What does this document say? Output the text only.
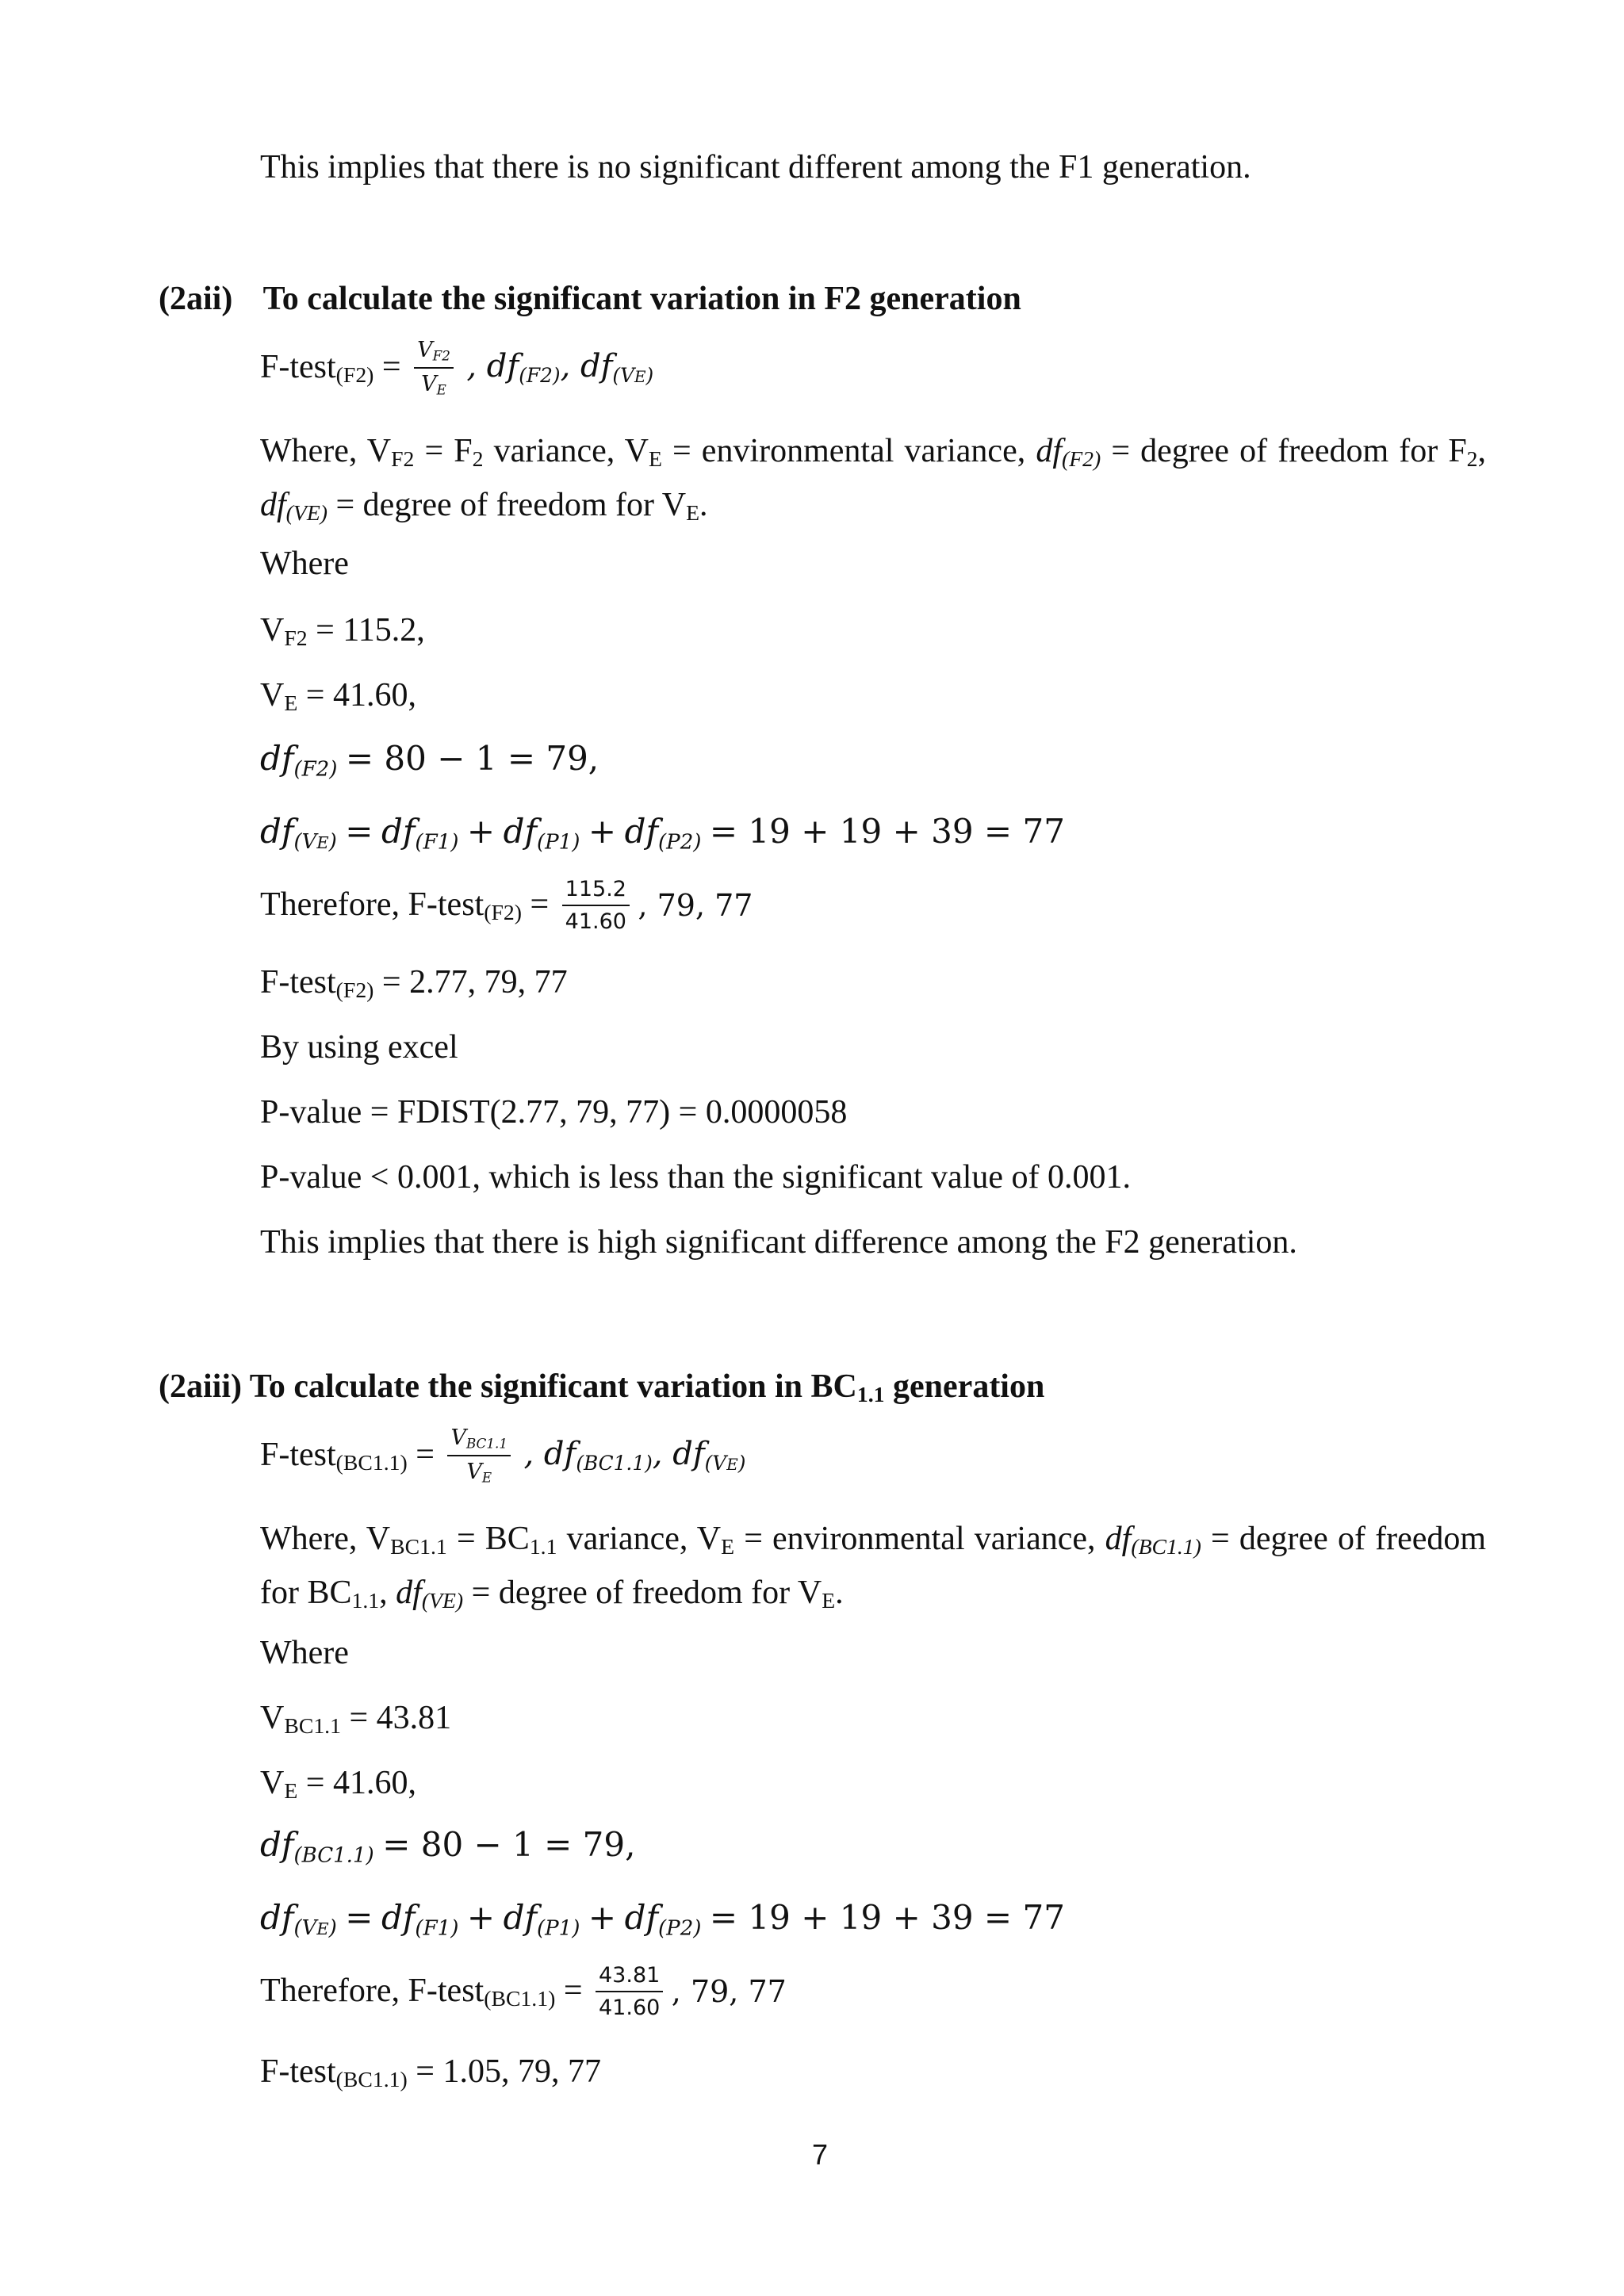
This implies that there is no significant different among the F1 generation.
(2aii) To calculate the significant variation in F2 generation
F-test$_{(F2)}$ = $\frac{VF2}{VE}$ , df(F2), df(VE)
Where, $V_{F2} = F_2$ variance, $V_E$ = environmental variance, $df_{(F2)}$ = degree of freedom for $F_2$, $df_{(VE)}$ = degree of freedom for $V_E$.
Where
$V_{F2} = 115.2$,
$V_E = 41.60$,
df(F2) = 80 − 1 = 79,
df(VE) = df(F1) + df(P1) + df(P2) = 19 + 19 + 39 = 77
Therefore, F-test$_{(F2)}$ = $\frac{115.2}{41.60}$ , 79, 77
F-test$_{(F2)}$ = 2.77, 79, 77
By using excel
P-value = FDIST(2.77, 79, 77) = 0.0000058
P-value < 0.001, which is less than the significant value of 0.001.
This implies that there is high significant difference among the F2 generation.
(2aiii) To calculate the significant variation in $BC_{1.1}$ generation
F-test$_{(BC1.1)}$ = $\frac{\text{VBC1.1}}{VE}$ , df(BC1.1), df(VE)
Where, $V_{BC1.1} = BC_{1.1}$ variance, $V_E$ = environmental variance, $df_{(BC1.1)}$ = degree of freedom for $BC_{1.1}$, $df_{(VE)}$ = degree of freedom for $V_E$.
Where
$V_{BC1.1} = 43.81$
$V_E = 41.60$,
df(BC1.1) = 80 − 1 = 79,
df(VE) = df(F1) + df(P1) + df(P2) = 19 + 19 + 39 = 77
Therefore, F-test$_{(BC1.1)}$ = $\frac{43.81}{41.60}$ , 79, 77
F-test$_{(BC1.1)}$ = 1.05, 79, 77
7
